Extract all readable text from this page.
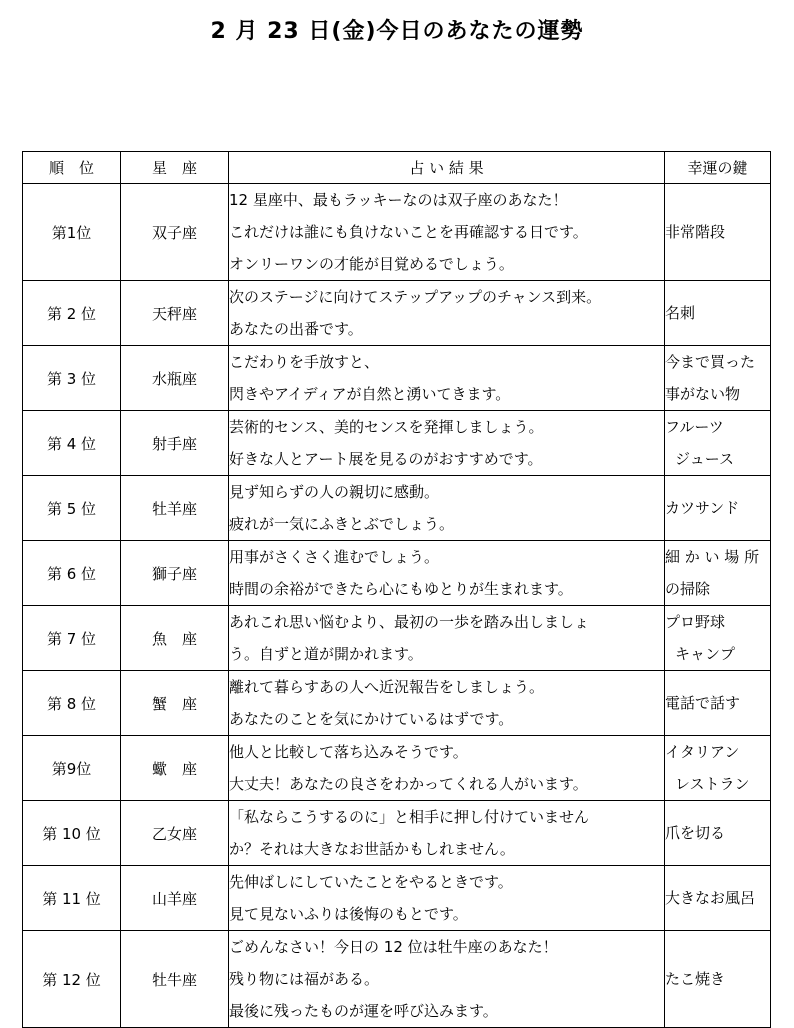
2 月 23 日(金)今日のあなたの運勢
順　位	星　座	占 い 結 果	幸運の鍵
第1位	双子座	12 星座中、最もラッキーなのは双子座のあなた！
これだけは誰にも負けないことを再確認する日です。
オンリーワンの才能が目覚めるでしょう。	非常階段

第 2 位	天秤座	次のステージに向けてステップアップのチャンス到来。
あなたの出番です。	名刺

第 3 位	水瓶座	こだわりを手放すと、
閃きやアイディアが自然と湧いてきます。	今まで買った
事がない物

第 4 位	射手座	芸術的センス、美的センスを発揮しましょう。
好きな人とアート展を見るのがおすすめです。	フルーツ
ジュース

第 5 位	牡羊座	見ず知らずの人の親切に感動。
疲れが一気にふきとぶでしょう。	カツサンド

第 6 位	獅子座	用事がさくさく進むでしょう。
時間の余裕ができたら心にもゆとりが生まれます。	細 か い 場 所
の掃除

第 7 位	魚　座	あれこれ思い悩むより、最初の一歩を踏み出しましょ
う。自ずと道が開かれます。	プロ野球
キャンプ

第 8 位	蟹　座	離れて暮らすあの人へ近況報告をしましょう。
あなたのことを気にかけているはずです。	電話で話す

第9位	蠍　座	他人と比較して落ち込みそうです。
大丈夫！あなたの良さをわかってくれる人がいます。	イタリアン
レストラン

第 10 位	乙女座	「私ならこうするのに」と相手に押し付けていません
か？それは大きなお世話かもしれません。	爪を切る

第 11 位	山羊座	先伸ばしにしていたことをやるときです。
見て見ないふりは後悔のもとです。	大きなお風呂

第 12 位	牡牛座	ごめんなさい！今日の 12 位は牡牛座のあなた！
残り物には福がある。
最後に残ったものが運を呼び込みます。	たこ焼き
